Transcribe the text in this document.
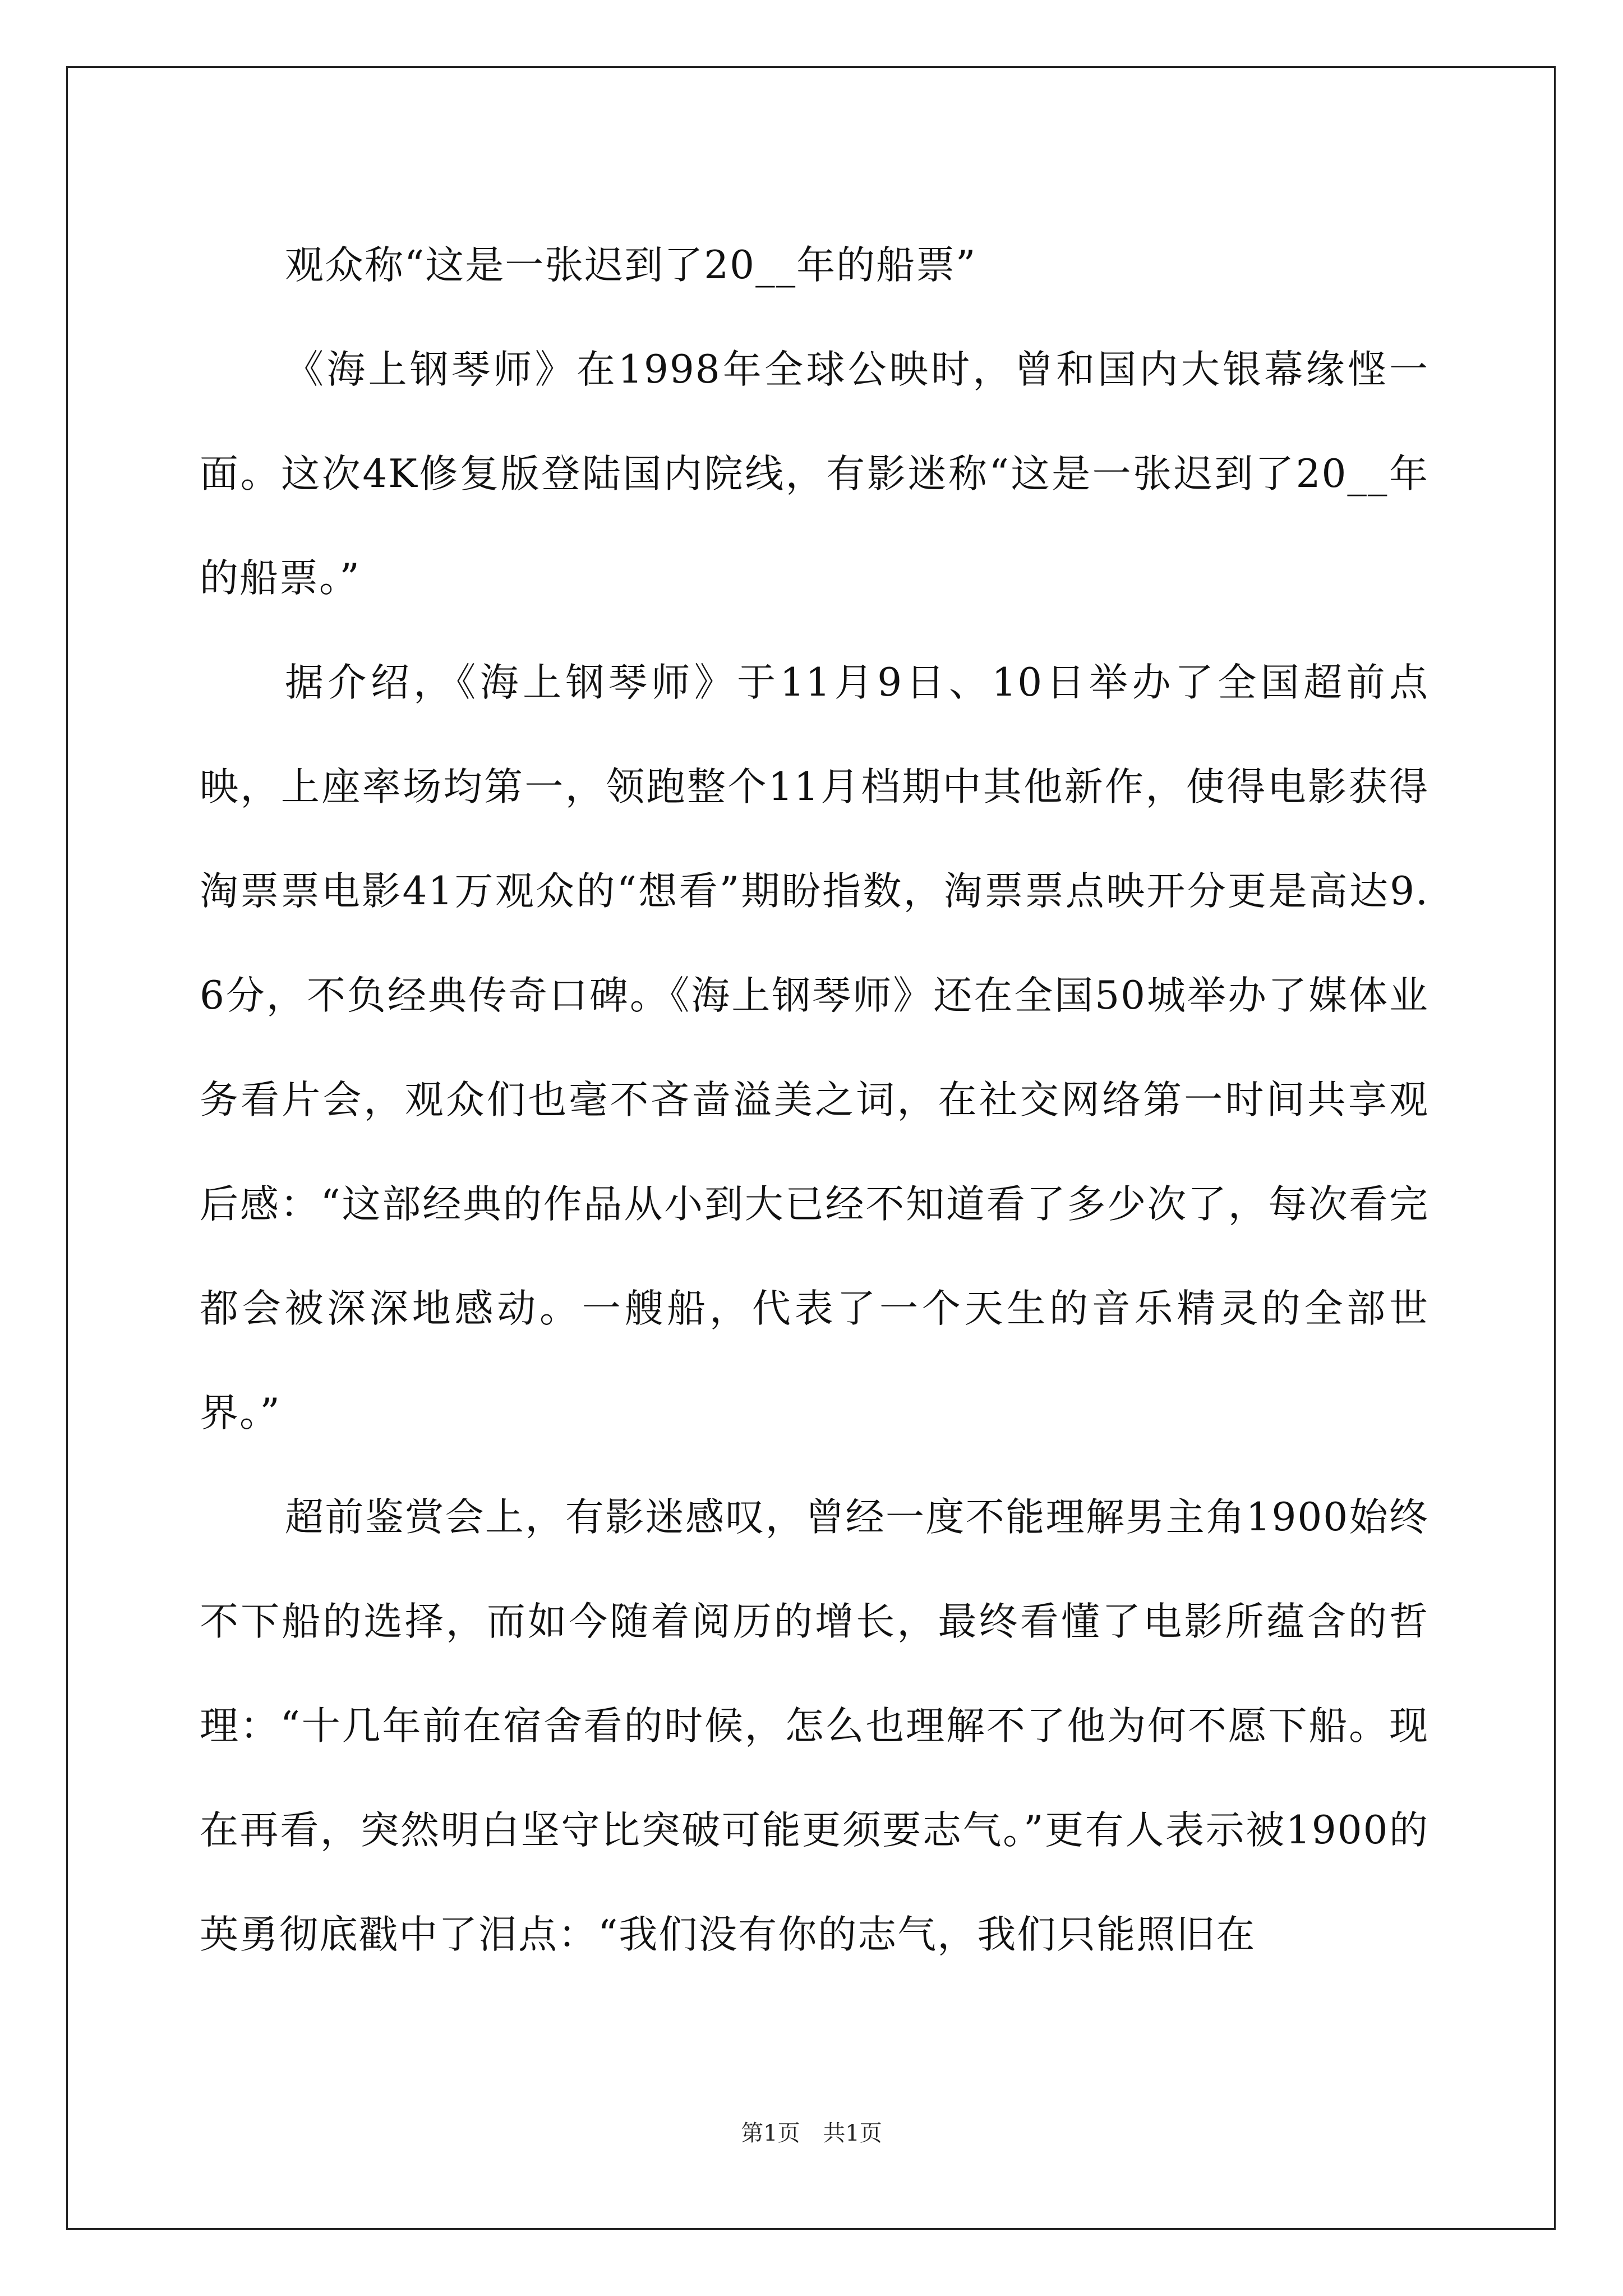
观众称“这是一张迟到了20__年的船票”

《海上钢琴师》在1998年全球公映时，曾和国内大银幕缘悭一面。这次4K修复版登陆国内院线，有影迷称“这是一张迟到了20__年的船票。”

据介绍，《海上钢琴师》于11月9日、10日举办了全国超前点映，上座率场均第一，领跑整个11月档期中其他新作，使得电影获得淘票票电影41万观众的“想看”期盼指数，淘票票点映开分更是高达9.6分，不负经典传奇口碑。《海上钢琴师》还在全国50城举办了媒体业务看片会，观众们也毫不吝啬溢美之词，在社交网络第一时间共享观后感：“这部经典的作品从小到大已经不知道看了多少次了，每次看完都会被深深地感动。一艘船，代表了一个天生的音乐精灵的全部世界。”

超前鉴赏会上，有影迷感叹，曾经一度不能理解男主角1900始终不下船的选择，而如今随着阅历的增长，最终看懂了电影所蕴含的哲理：“十几年前在宿舍看的时候，怎么也理解不了他为何不愿下船。现在再看，突然明白坚守比突破可能更须要志气。”更有人表示被1900的英勇彻底戳中了泪点：“我们没有你的志气，我们只能照旧在

第1页 共1页
